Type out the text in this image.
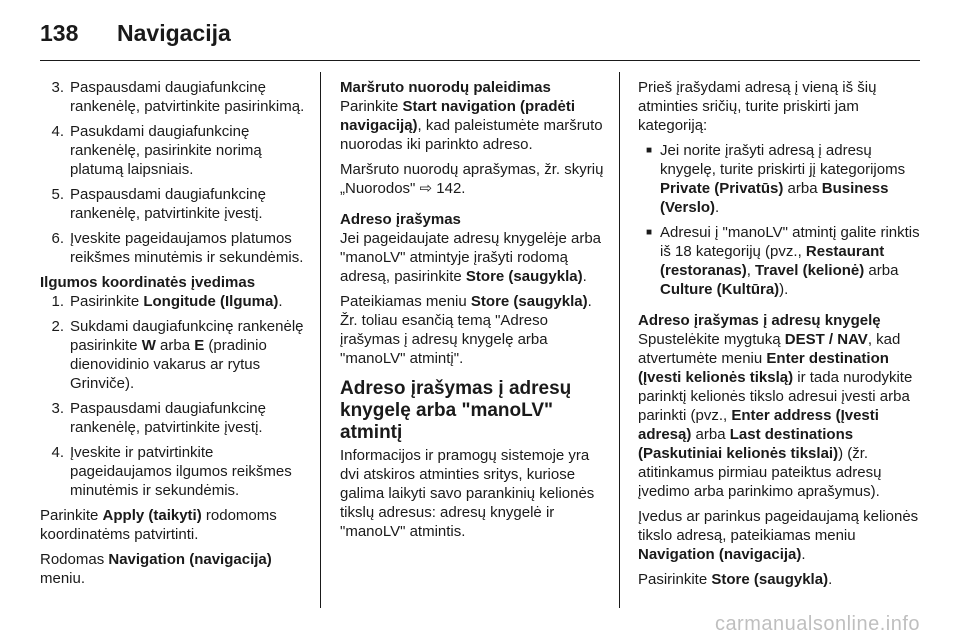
138 Navigacija
3. Paspausdami daugiafunkcinę rankenėlę, patvirtinkite pasirinkimą.
4. Pasukdami daugiafunkcinę rankenėlę, pasirinkite norimą platumą laipsniais.
5. Paspausdami daugiafunkcinę rankenėlę, patvirtinkite įvestį.
6. Įveskite pageidaujamos platumos reikšmes minutėmis ir sekundėmis.
Ilgumos koordinatės įvedimas
1. Pasirinkite Longitude (Ilguma).
2. Sukdami daugiafunkcinę rankenėlę pasirinkite W arba E (pradinio dienovidinio vakarus ar rytus Grinviče).
3. Paspausdami daugiafunkcinę rankenėlę, patvirtinkite įvestį.
4. Įveskite ir patvirtinkite pageidaujamos ilgumos reikšmes minutėmis ir sekundėmis.

Parinkite Apply (taikyti) rodomoms koordinatėms patvirtinti.

Rodomas Navigation (navigacija) meniu.

Maršruto nuorodų paleidimas

Parinkite Start navigation (pradėti navigaciją), kad paleistumėte maršruto nuorodas iki parinkto adreso.

Maršruto nuorodų aprašymas, žr. skyrių „Nuorodos" ⇨ 142.

Adreso įrašymas

Jei pageidaujate adresų knygelėje arba "manoLV" atmintyje įrašyti rodomą adresą, pasirinkite Store (saugykla).

Pateikiamas meniu Store (saugykla). Žr. toliau esančią temą "Adreso įrašymas į adresų knygelę arba "manoLV" atmintį".

Adreso įrašymas į adresų knygelę arba "manoLV" atmintį

Informacijos ir pramogų sistemoje yra dvi atskiros atminties sritys, kuriose galima laikyti savo parankinių kelionės tikslų adresus: adresų knygelė ir "manoLV" atmintis.

Prieš įrašydami adresą į vieną iš šių atminties sričių, turite priskirti jam kategoriją:

■ Jei norite įrašyti adresą į adresų knygelę, turite priskirti jį kategorijoms Private (Privatūs) arba Business (Verslo).
■ Adresui į "manoLV" atmintį galite rinktis iš 18 kategorijų (pvz., Restaurant (restoranas), Travel (kelionė) arba Culture (Kultūra)).
Adreso įrašymas į adresų knygelę

Spustelėkite mygtuką DEST / NAV, kad atvertumėte meniu Enter destination (Įvesti kelionės tikslą) ir tada nurodykite parinktį kelionės tikslo adresui įvesti arba parinkti (pvz., Enter address (Įvesti adresą) arba Last destinations (Paskutiniai kelionės tikslai)) (žr. atitinkamus pirmiau pateiktus adresų įvedimo arba parinkimo aprašymus).

Įvedus ar parinkus pageidaujamą kelionės tikslo adresą, pateikiamas meniu Navigation (navigacija).

Pasirinkite Store (saugykla).

carmanualsonline.info
